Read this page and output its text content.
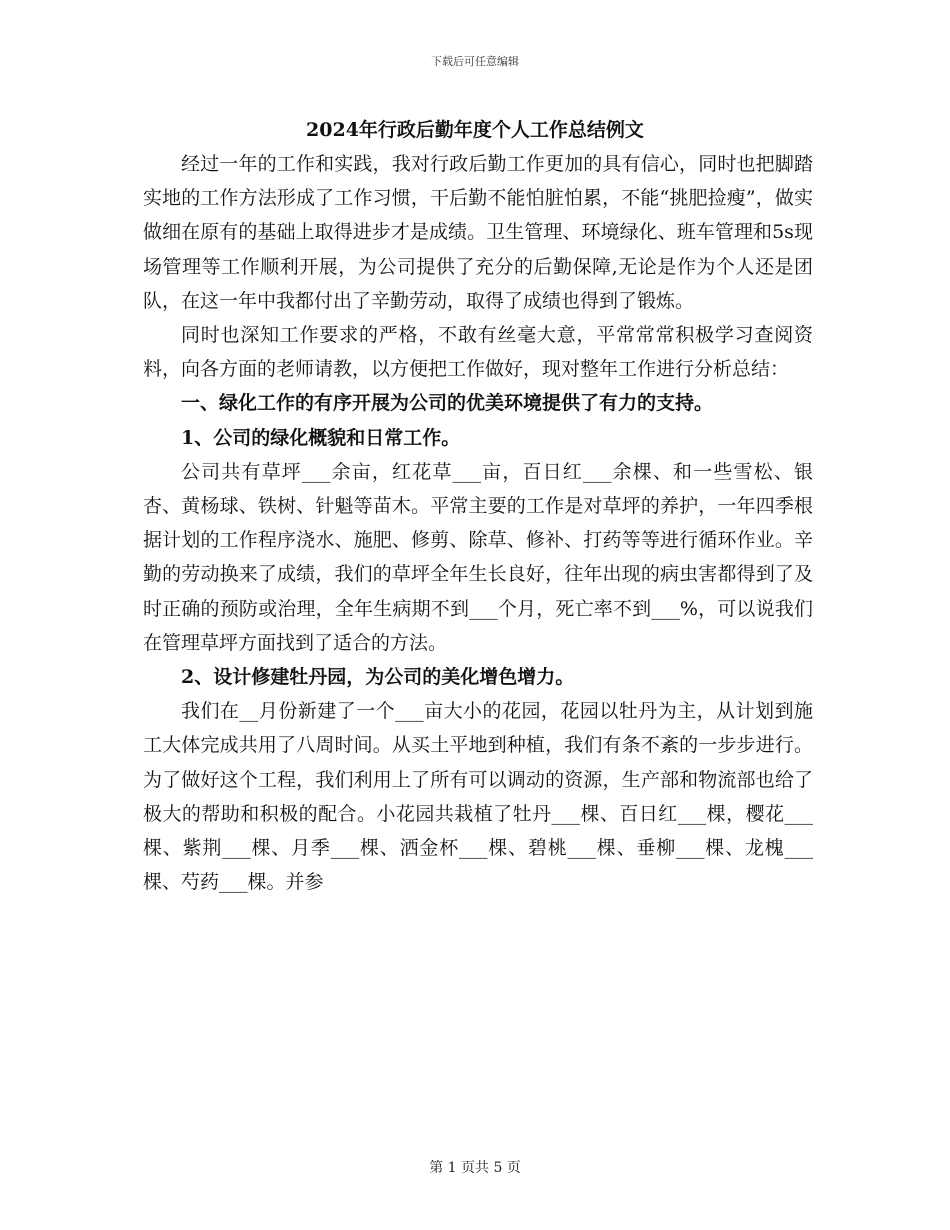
下载后可任意编辑
2024年行政后勤年度个人工作总结例文

经过一年的工作和实践，我对行政后勤工作更加的具有信心，同时也把脚踏实地的工作方法形成了工作习惯，干后勤不能怕脏怕累，不能“挑肥捡瘦”，做实做细在原有的基础上取得进步才是成绩。卫生管理、环境绿化、班车管理和5s现场管理等工作顺利开展，为公司提供了充分的后勤保障,无论是作为个人还是团队，在这一年中我都付出了辛勤劳动，取得了成绩也得到了锻炼。

同时也深知工作要求的严格，不敢有丝毫大意，平常常常积极学习查阅资料，向各方面的老师请教，以方便把工作做好，现对整年工作进行分析总结：

一、绿化工作的有序开展为公司的优美环境提供了有力的支持。

1、公司的绿化概貌和日常工作。

公司共有草坪___余亩，红花草___亩，百日红___余棵、和一些雪松、银杏、黄杨球、铁树、针魁等苗木。平常主要的工作是对草坪的养护，一年四季根据计划的工作程序浇水、施肥、修剪、除草、修补、打药等等进行循环作业。辛勤的劳动换来了成绩，我们的草坪全年生长良好，往年出现的病虫害都得到了及时正确的预防或治理，全年生病期不到___个月，死亡率不到___%，可以说我们在管理草坪方面找到了适合的方法。

2、设计修建牡丹园，为公司的美化增色增力。

我们在__月份新建了一个___亩大小的花园，花园以牡丹为主，从计划到施工大体完成共用了八周时间。从买土平地到种植，我们有条不紊的一步步进行。为了做好这个工程，我们利用上了所有可以调动的资源，生产部和物流部也给了极大的帮助和积极的配合。小花园共栽植了牡丹___棵、百日红___棵，樱花___棵、紫荆___棵、月季___棵、洒金杯___棵、碧桃___棵、垂柳___棵、龙槐___棵、芍药___棵。并参

第 1 页共 5 页
